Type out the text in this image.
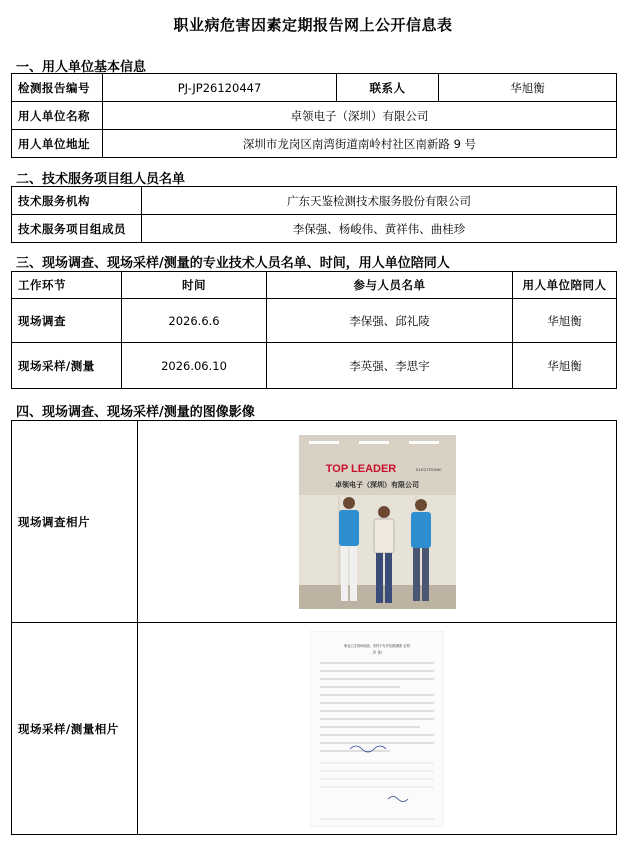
职业病危害因素定期报告网上公开信息表
一、用人单位基本信息
检测报告编号	PJ-JP26120447	联系人	华旭衡
用人单位名称	卓领电子（深圳）有限公司		
用人单位地址	深圳市龙岗区南湾街道南岭村社区南新路 9 号		
二、技术服务项目组人员名单
技术服务机构	广东天鉴检测技术服务股份有限公司
技术服务项目组成员	李保强、杨峻伟、黄祥伟、曲桂珍
三、现场调查、现场采样/测量的专业技术人员名单、时间，用人单位陪同人
工作环节	时间	参与人员名单	用人单位陪同人
现场调查	2026.6.6	李保强、邱礼陵	华旭衡
现场采样/测量	2026.06.10	李英强、李思宇	华旭衡
四、现场调查、现场采样/测量的图像影像
现场调查相片	TOP LEADER ELECTRONIC
卓领电子（深圳）有限公司

现场采样/测量相片	职业卫生现场检测、采样不允许拍照/摄影 证明
声 明
